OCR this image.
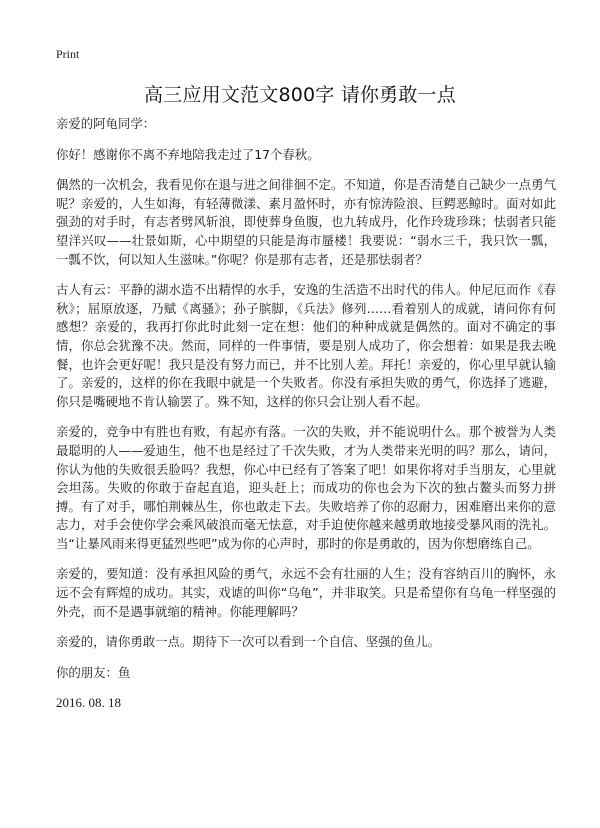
Print
高三应用文范文800字 请你勇敢一点

亲爱的阿龟同学：

你好！感谢你不离不弃地陪我走过了17个春秋。

偶然的一次机会，我看见你在退与进之间徘徊不定。不知道，你是否清楚自己缺少一点勇气呢？亲爱的，人生如海，有轻薄微漾、素月盈怀时，亦有惊涛险浪、巨鳄恶鲸时。面对如此强劲的对手时，有志者劈风斩浪，即使葬身鱼腹，也九转成丹，化作玲珑珍珠；怯弱者只能望洋兴叹——壮景如斯，心中期望的只能是海市蜃楼！我要说：“弱水三千，我只饮一瓢，一瓢不饮，何以知人生滋味。”你呢？你是那有志者，还是那怯弱者？

古人有云：平静的湖水造不出精悍的水手，安逸的生活造不出时代的伟人。仲尼厄而作《春秋》；屈原放逐，乃赋《离骚》；孙子膑脚，《兵法》修列……看着别人的成就，请问你有何感想？亲爱的，我再打你此时此刻一定在想：他们的种种成就是偶然的。面对不确定的事情，你总会犹豫不决。然而，同样的一件事情，要是别人成功了，你会想着：如果是我去晚餐，也许会更好呢！我只是没有努力而已，并不比别人差。拜托！亲爱的，你心里早就认输了。亲爱的，这样的你在我眼中就是一个失败者。你没有承担失败的勇气，你选择了逃避，你只是嘴硬地不肯认输罢了。殊不知，这样的你只会让别人看不起。

亲爱的，竞争中有胜也有败，有起亦有落。一次的失败，并不能说明什么。那个被誉为人类最聪明的人——爱迪生，他不也是经过了千次失败，才为人类带来光明的吗？那么，请问，你认为他的失败很丢脸吗？我想，你心中已经有了答案了吧！如果你将对手当朋友，心里就会坦荡。失败的你敢于奋起直追，迎头赶上；而成功的你也会为下次的独占鳌头而努力拼搏。有了对手，哪怕荆棘丛生，你也敢走下去。失败培养了你的忍耐力，困难磨出来你的意志力，对手会使你学会乘风破浪而毫无怯意，对手迫使你越来越勇敢地接受暴风雨的洗礼。当“让暴风雨来得更猛烈些吧”成为你的心声时，那时的你是勇敢的，因为你想磨练自己。

亲爱的，要知道：没有承担风险的勇气，永远不会有壮丽的人生；没有容纳百川的胸怀，永远不会有辉煌的成功。其实，戏谑的叫你“乌龟”，并非取笑。只是希望你有乌龟一样坚强的外壳，而不是遇事就缩的精神。你能理解吗？

亲爱的，请你勇敢一点。期待下一次可以看到一个自信、坚强的鱼儿。

你的朋友：鱼

2016. 08. 18
